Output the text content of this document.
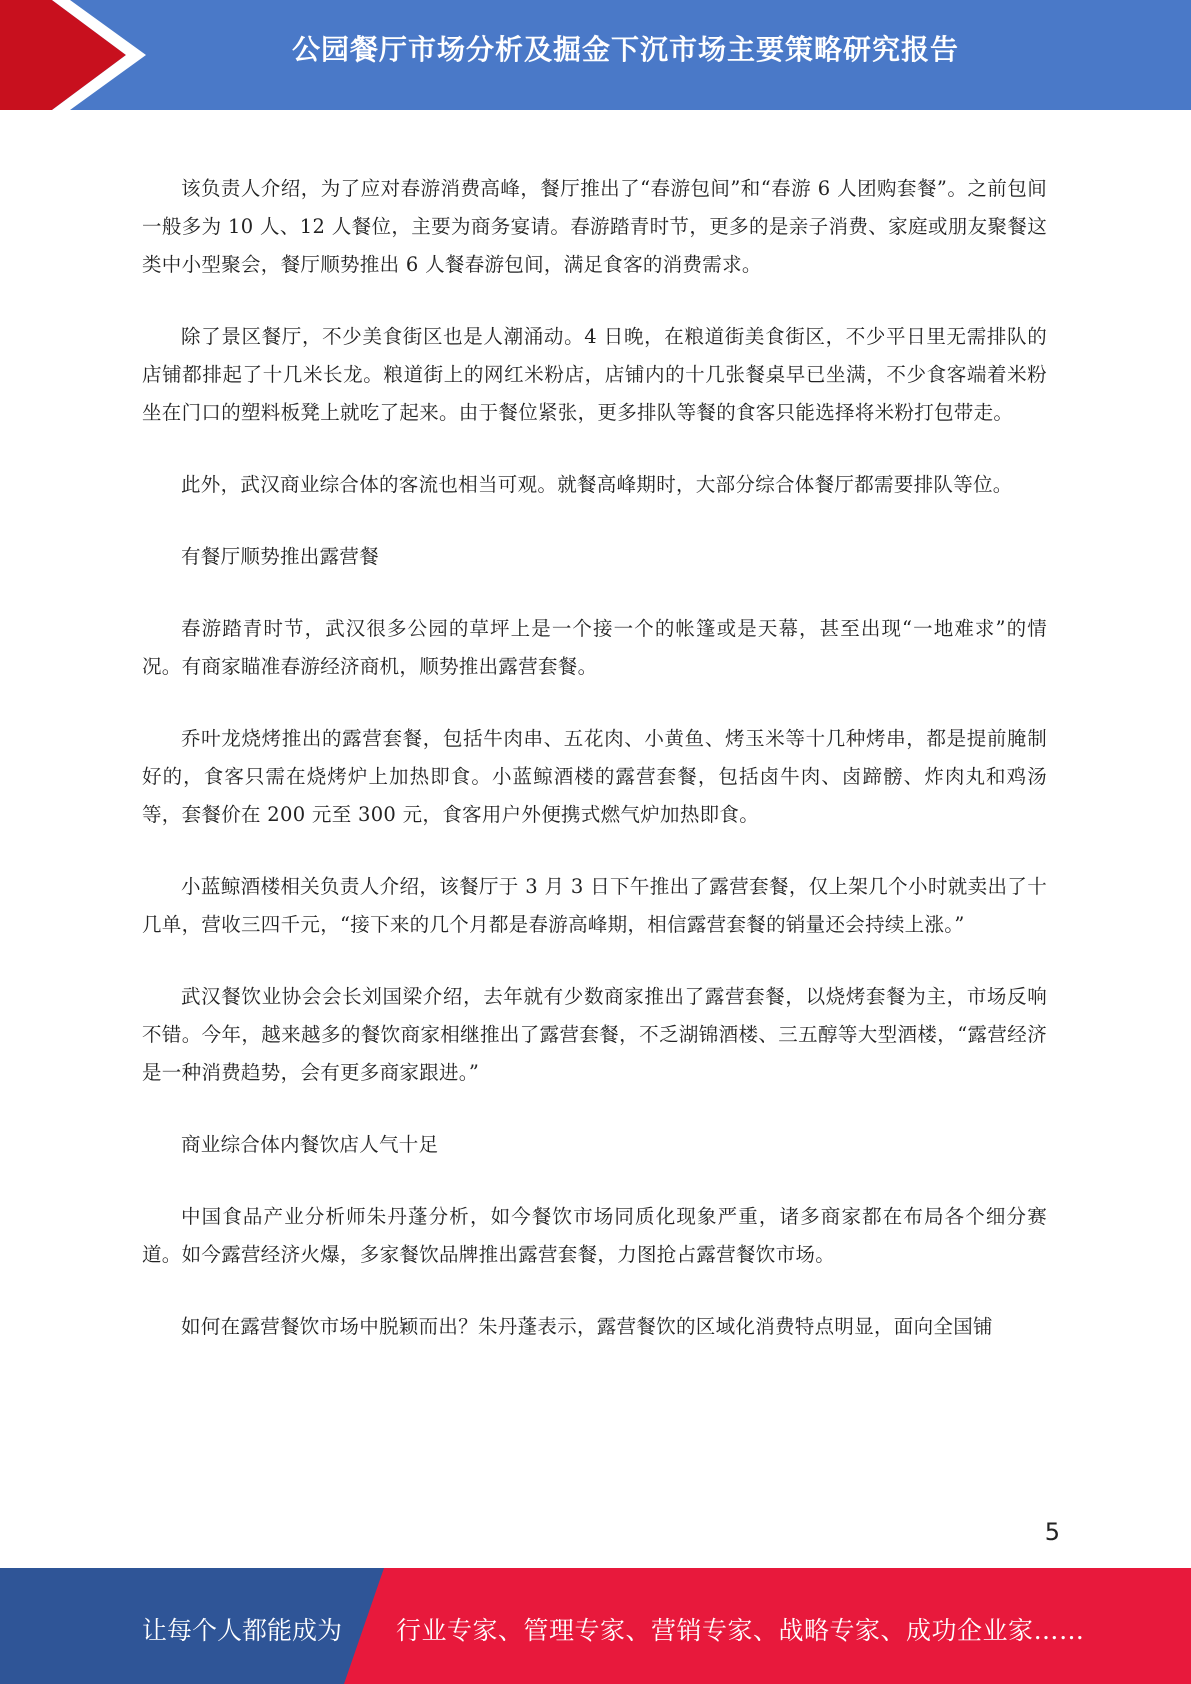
公园餐厅市场分析及掘金下沉市场主要策略研究报告

该负责人介绍，为了应对春游消费高峰，餐厅推出了“春游包间”和“春游 6 人团购套餐”。之前包间一般多为 10 人、12 人餐位，主要为商务宴请。春游踏青时节，更多的是亲子消费、家庭或朋友聚餐这类中小型聚会，餐厅顺势推出 6 人餐春游包间，满足食客的消费需求。

除了景区餐厅，不少美食街区也是人潮涌动。4 日晚，在粮道街美食街区，不少平日里无需排队的店铺都排起了十几米长龙。粮道街上的网红米粉店，店铺内的十几张餐桌早已坐满，不少食客端着米粉坐在门口的塑料板凳上就吃了起来。由于餐位紧张，更多排队等餐的食客只能选择将米粉打包带走。

此外，武汉商业综合体的客流也相当可观。就餐高峰期时，大部分综合体餐厅都需要排队等位。

有餐厅顺势推出露营餐

春游踏青时节，武汉很多公园的草坪上是一个接一个的帐篷或是天幕，甚至出现“一地难求”的情况。有商家瞄准春游经济商机，顺势推出露营套餐。

乔叶龙烧烤推出的露营套餐，包括牛肉串、五花肉、小黄鱼、烤玉米等十几种烤串，都是提前腌制好的，食客只需在烧烤炉上加热即食。小蓝鲸酒楼的露营套餐，包括卤牛肉、卤蹄髈、炸肉丸和鸡汤等，套餐价在 200 元至 300 元，食客用户外便携式燃气炉加热即食。

小蓝鲸酒楼相关负责人介绍，该餐厅于 3 月 3 日下午推出了露营套餐，仅上架几个小时就卖出了十几单，营收三四千元，“接下来的几个月都是春游高峰期，相信露营套餐的销量还会持续上涨。”

武汉餐饮业协会会长刘国梁介绍，去年就有少数商家推出了露营套餐，以烧烤套餐为主，市场反响不错。今年，越来越多的餐饮商家相继推出了露营套餐，不乏湖锦酒楼、三五醇等大型酒楼，“露营经济是一种消费趋势，会有更多商家跟进。”

商业综合体内餐饮店人气十足

中国食品产业分析师朱丹蓬分析，如今餐饮市场同质化现象严重，诸多商家都在布局各个细分赛道。如今露营经济火爆，多家餐饮品牌推出露营套餐，力图抢占露营餐饮市场。

如何在露营餐饮市场中脱颖而出？朱丹蓬表示，露营餐饮的区域化消费特点明显，面向全国铺

5
让每个人都能成为 行业专家、管理专家、营销专家、战略专家、成功企业家……
